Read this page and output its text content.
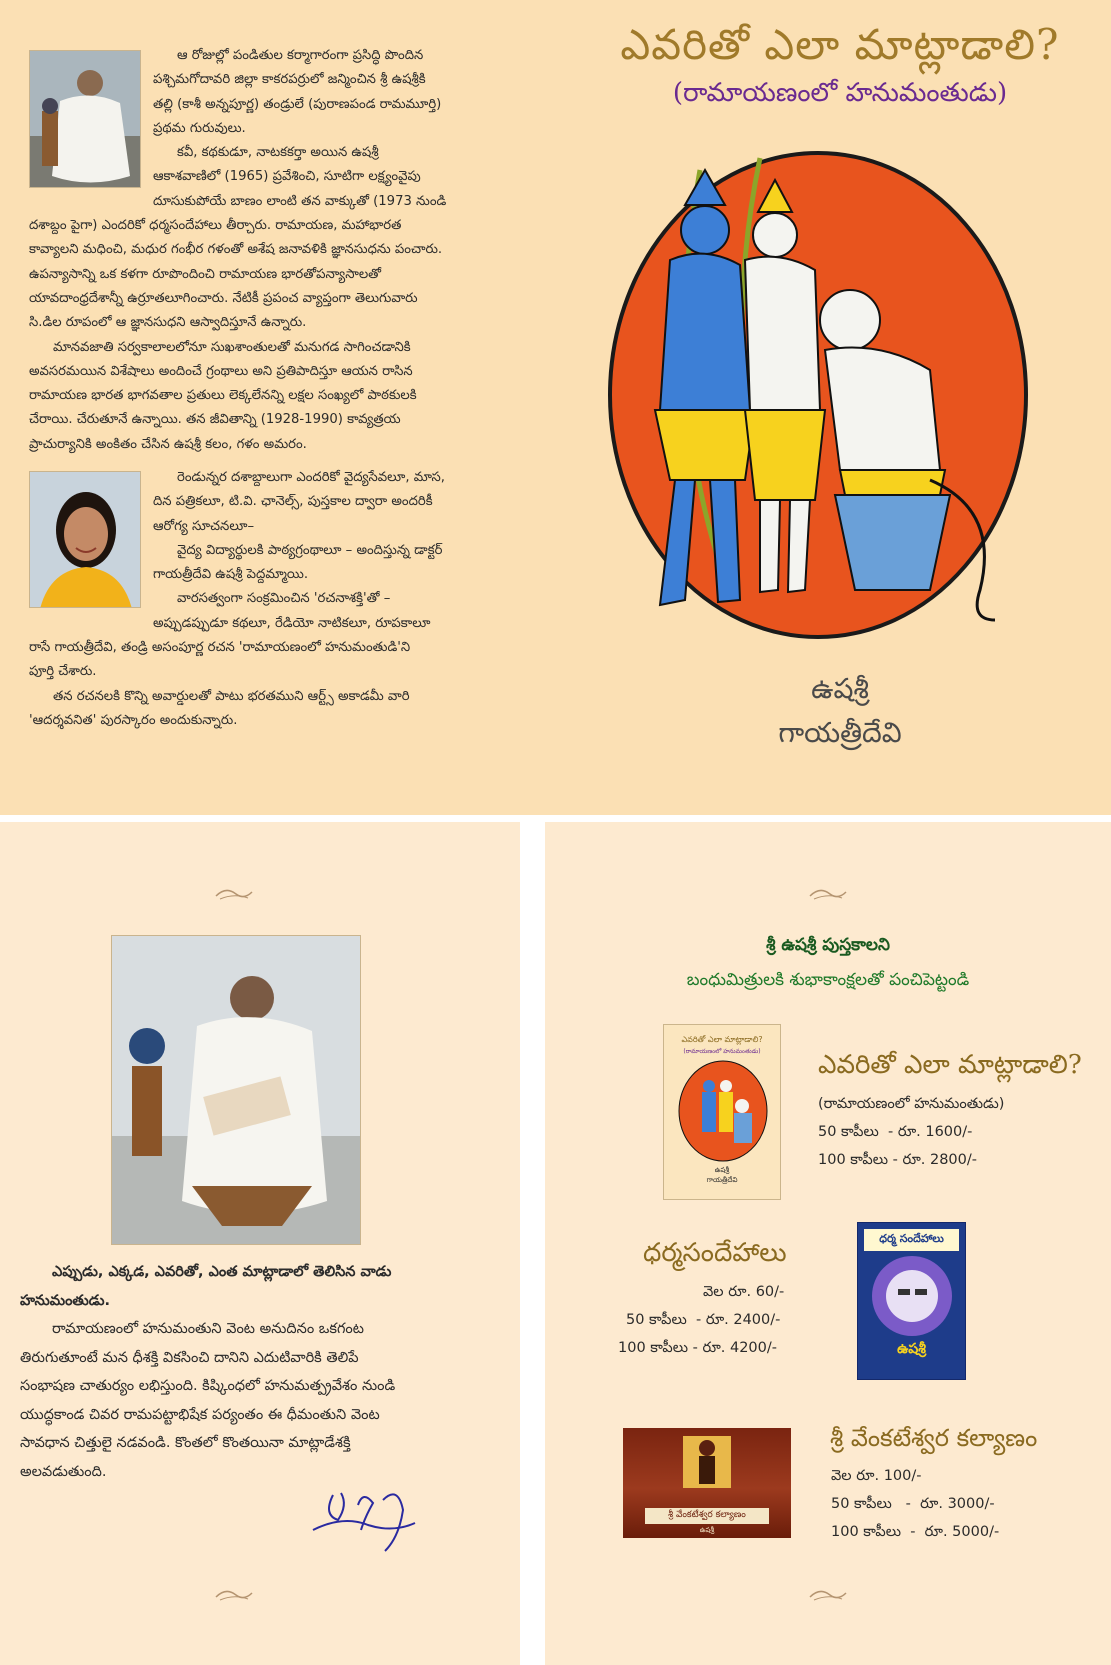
ఆ రోజుల్లో పండితుల కర్మాగారంగా ప్రసిద్ధి పొందిన

పశ్చిమగోదావరి జిల్లా కాకరపర్రులో జన్మించిన శ్రీ ఉషశ్రీకి

తల్లి (కాశీ అన్నపూర్ణ) తండ్రులే (పురాణపండ రామమూర్తి)

ప్రథమ గురువులు.

కవీ, కథకుడూ, నాటకకర్తా అయిన ఉషశ్రీ

ఆకాశవాణిలో (1965) ప్రవేశించి, సూటిగా లక్ష్యంవైపు

దూసుకుపోయే బాణం లాంటి తన వాక్కుతో (1973 నుండి

దశాబ్దం పైగా) ఎందరికో ధర్మసందేహాలు తీర్చారు. రామాయణ, మహాభారత

కావ్యాలని మధించి, మధుర గంభీర గళంతో అశేష జనావళికి జ్ఞానసుధను పంచారు.

ఉపన్యాసాన్ని ఒక కళగా రూపొందించి రామాయణ భారతోపన్యాసాలతో

యావదాంధ్రదేశాన్నీ ఉర్రూతలూగించారు. నేటికీ ప్రపంచ వ్యాప్తంగా తెలుగువారు

సి.డిల రూపంలో ఆ జ్ఞానసుధని ఆస్వాదిస్తూనే ఉన్నారు.

మానవజాతి సర్వకాలాలలోనూ సుఖశాంతులతో మనుగడ సాగించడానికి

అవసరమయిన విశేషాలు అందించే గ్రంథాలు అని ప్రతిపాదిస్తూ ఆయన రాసిన

రామాయణ భారత భాగవతాల ప్రతులు లెక్కలేనన్ని లక్షల సంఖ్యలో పాఠకులకి

చేరాయి. చేరుతూనే ఉన్నాయి. తన జీవితాన్ని (1928-1990) కావ్యత్రయ

ప్రాచుర్యానికి అంకితం చేసిన ఉషశ్రీ కలం, గళం అమరం.

రెండున్నర దశాబ్దాలుగా ఎందరికో వైద్యసేవలూ, మాస,

దిన పత్రికలూ, టి.వి. ఛానెల్స్, పుస్తకాల ద్వారా అందరికీ

ఆరోగ్య సూచనలూ–

వైద్య విద్యార్థులకి పాఠ్యగ్రంథాలూ – అందిస్తున్న డాక్టర్

గాయత్రీదేవి ఉషశ్రీ పెద్దమ్మాయి.

వారసత్వంగా సంక్రమించిన 'రచనాశక్తి'తో –

అప్పుడప్పుడూ కథలూ, రేడియో నాటికలూ, రూపకాలూ

రాసే గాయత్రీదేవి, తండ్రి అసంపూర్ణ రచన 'రామాయణంలో హనుమంతుడి'ని

పూర్తి చేశారు.

తన రచనలకి కొన్ని అవార్డులతో పాటు భరతముని ఆర్ట్స్ అకాడమీ వారి

'ఆదర్శవనిత' పురస్కారం అందుకున్నారు.

ఎవరితో ఎలా మాట్లాడాలి?
(రామాయణంలో హనుమంతుడు)
ఉషశ్రీ
గాయత్రీదేవి

ఎప్పుడు, ఎక్కడ, ఎవరితో, ఎంత మాట్లాడాలో తెలిసిన వాడు

హనుమంతుడు.

రామాయణంలో హనుమంతుని వెంట అనుదినం ఒకగంట

తిరుగుతూంటే మన ధీశక్తి వికసించి దానిని ఎదుటివారికి తెలిపే

సంభాషణ చాతుర్యం లభిస్తుంది. కిష్కింధలో హనుమత్ప్రవేశం నుండి

యుద్ధకాండ చివర రామపట్టాభిషేక పర్యంతం ఈ ధీమంతుని వెంట

సావధాన చిత్తులై నడవండి. కొంతలో కొంతయినా మాట్లాడేశక్తి

అలవడుతుంది.

శ్రీ ఉషశ్రీ పుస్తకాలని
బంధుమిత్రులకి శుభాకాంక్షలతో పంచిపెట్టండి
ఎవరితో ఎలా మాట్లాడాలి?
(రామాయణంలో హనుమంతుడు)
ఉషశ్రీ
గాయత్రీదేవి
ఎవరితో ఎలా మాట్లాడాలి?
(రామాయణంలో హనుమంతుడు)
50 కాపీలు  - రూ. 1600/-
100 కాపీలు - రూ. 2800/-
ధర్మసందేహాలు
వెల రూ. 60/-
50 కాపీలు  - రూ. 2400/-
100 కాపీలు - రూ. 4200/-
ధర్మ సందేహాలు
ఉషశ్రీ
శ్రీ వేంకటేశ్వర కల్యాణం
ఉషశ్రీ
శ్రీ వేంకటేశ్వర కల్యాణం
వెల రూ. 100/-
50 కాపీలు   -  రూ. 3000/-
100 కాపీలు  -  రూ. 5000/-
